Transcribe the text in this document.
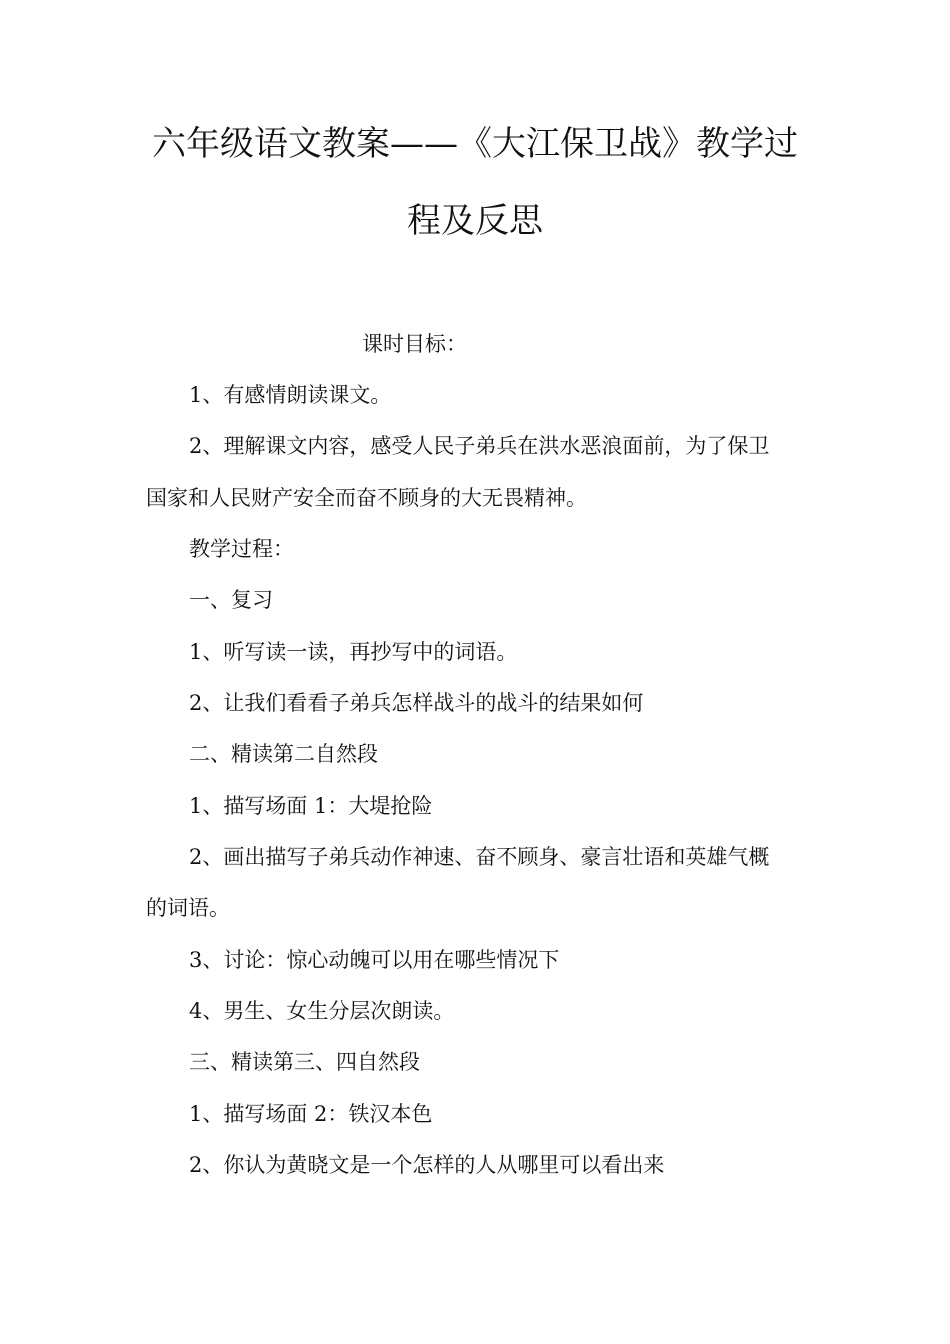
六年级语文教案——《大江保卫战》教学过
程及反思
课时目标：
1、有感情朗读课文。
2、理解课文内容，感受人民子弟兵在洪水恶浪面前，为了保卫
国家和人民财产安全而奋不顾身的大无畏精神。
教学过程：
一、复习
1、听写读一读，再抄写中的词语。
2、让我们看看子弟兵怎样战斗的战斗的结果如何
二、精读第二自然段
1、描写场面 1：大堤抢险
2、画出描写子弟兵动作神速、奋不顾身、豪言壮语和英雄气概
的词语。
3、讨论：惊心动魄可以用在哪些情况下
4、男生、女生分层次朗读。
三、精读第三、四自然段
1、描写场面 2：铁汉本色
2、你认为黄晓文是一个怎样的人从哪里可以看出来
